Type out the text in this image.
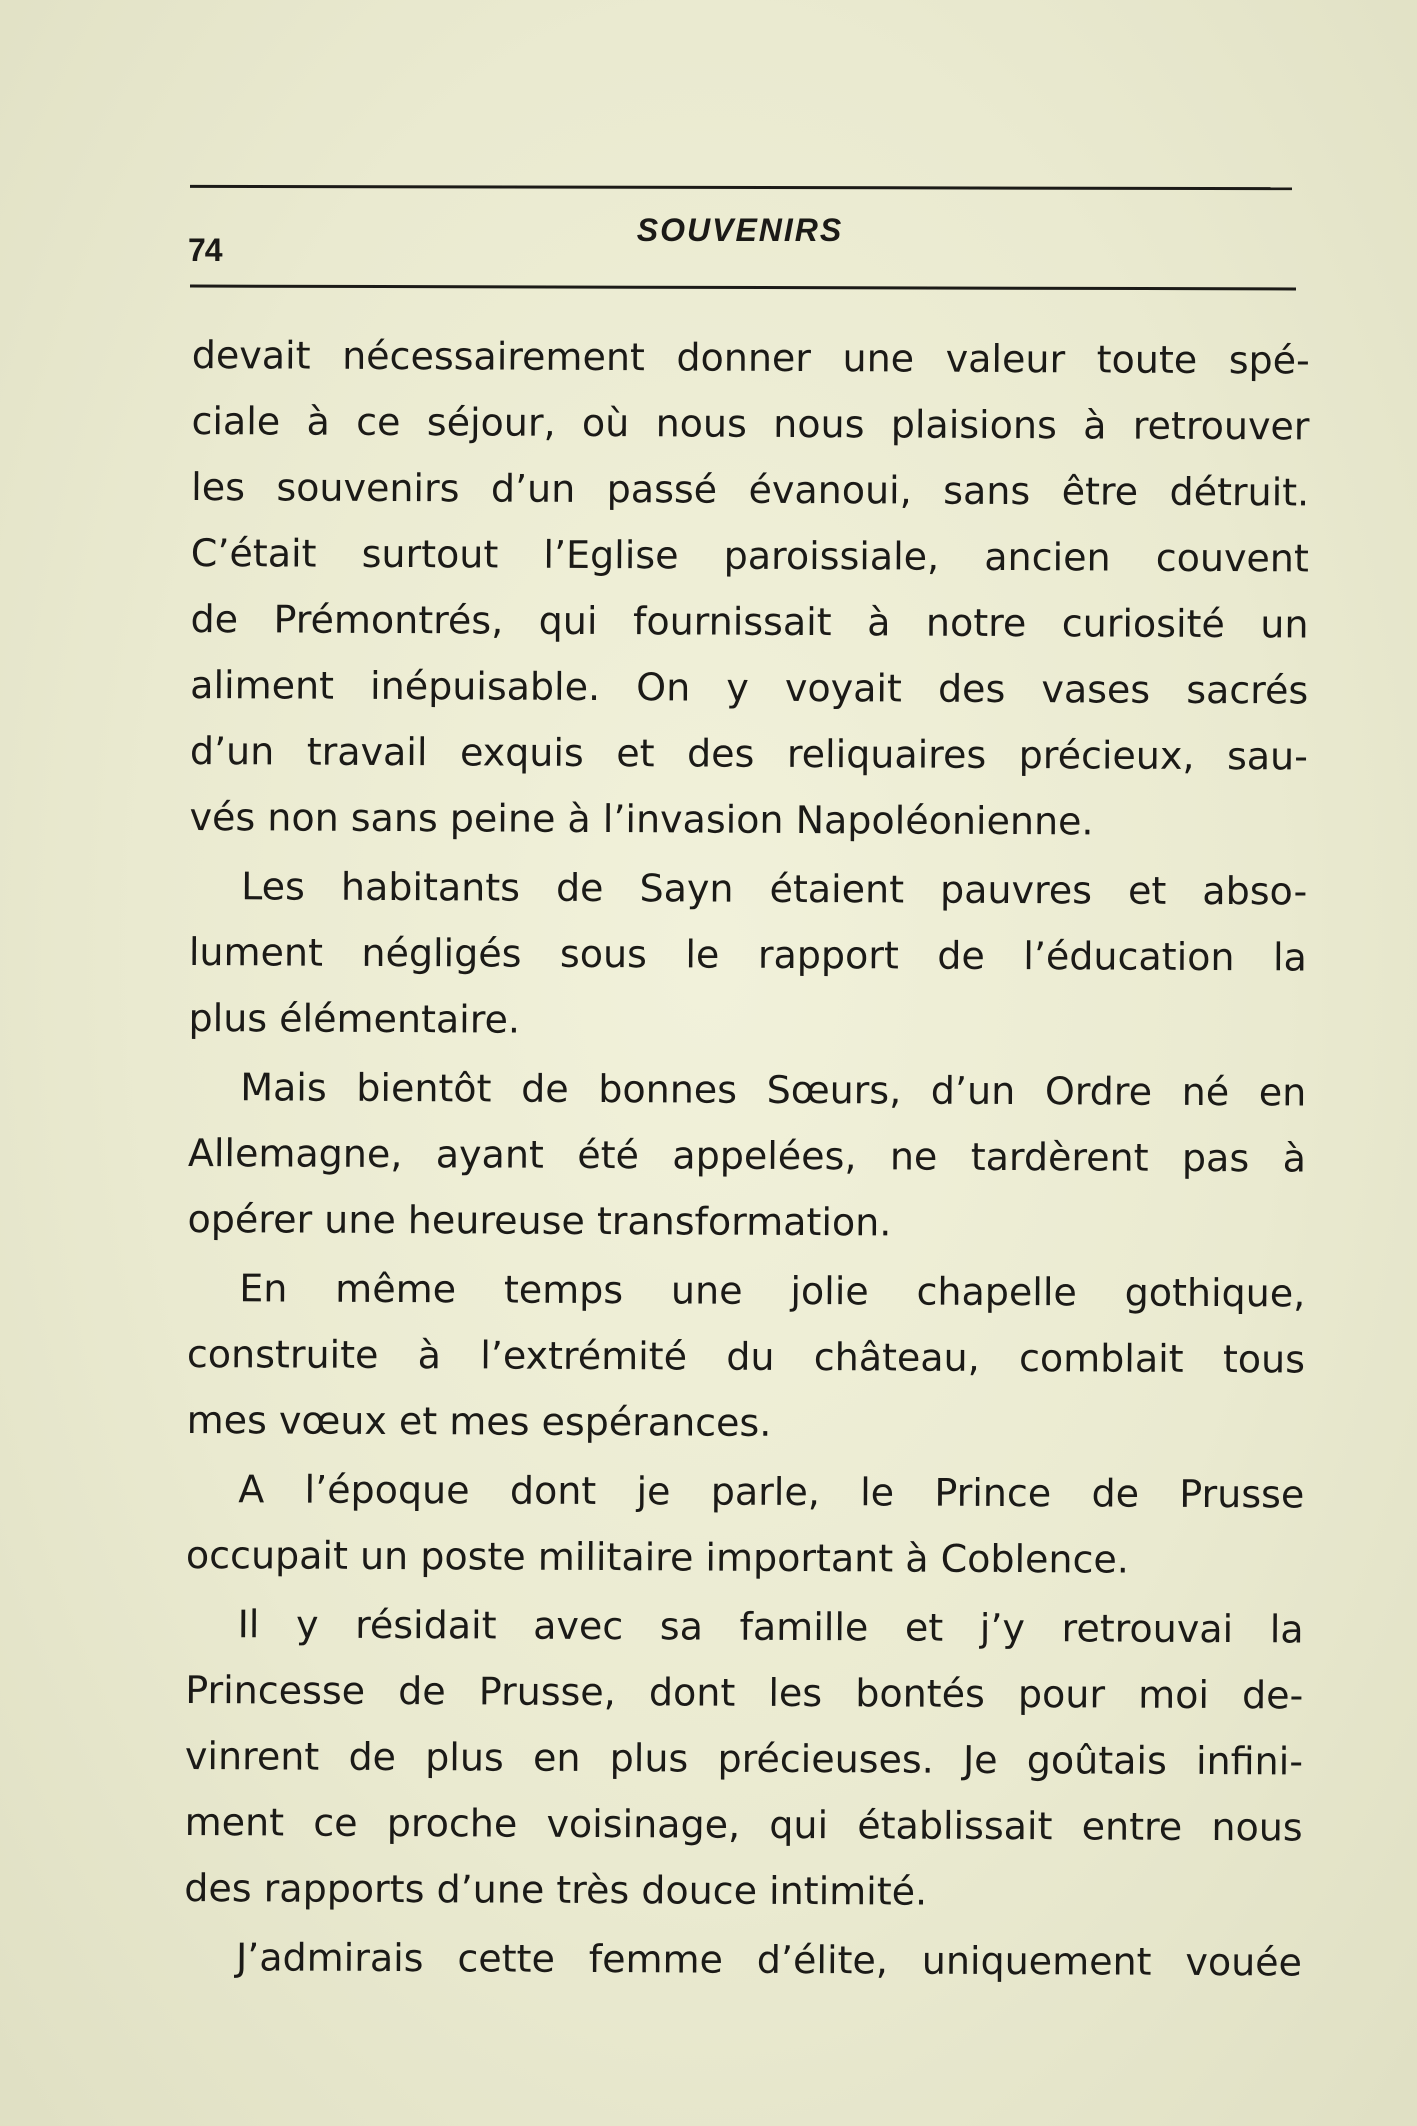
74
SOUVENIRS
devait nécessairement donner une valeur toute spé-
ciale à ce séjour, où nous nous plaisions à retrouver
les souvenirs d’un passé évanoui, sans être détruit.
C’était surtout l’Eglise paroissiale, ancien couvent
de Prémontrés, qui fournissait à notre curiosité un
aliment inépuisable. On y voyait des vases sacrés
d’un travail exquis et des reliquaires précieux, sau-
vés non sans peine à l’invasion Napoléonienne.
Les habitants de Sayn étaient pauvres et abso-
lument négligés sous le rapport de l’éducation la
plus élémentaire.
Mais bientôt de bonnes Sœurs, d’un Ordre né en
Allemagne, ayant été appelées, ne tardèrent pas à
opérer une heureuse transformation.
En même temps une jolie chapelle gothique,
construite à l’extrémité du château, comblait tous
mes vœux et mes espérances.
A l’époque dont je parle, le Prince de Prusse
occupait un poste militaire important à Coblence.
Il y résidait avec sa famille et j’y retrouvai la
Princesse de Prusse, dont les bontés pour moi de-
vinrent de plus en plus précieuses. Je goûtais infini-
ment ce proche voisinage, qui établissait entre nous
des rapports d’une très douce intimité.
J’admirais cette femme d’élite, uniquement vouée
